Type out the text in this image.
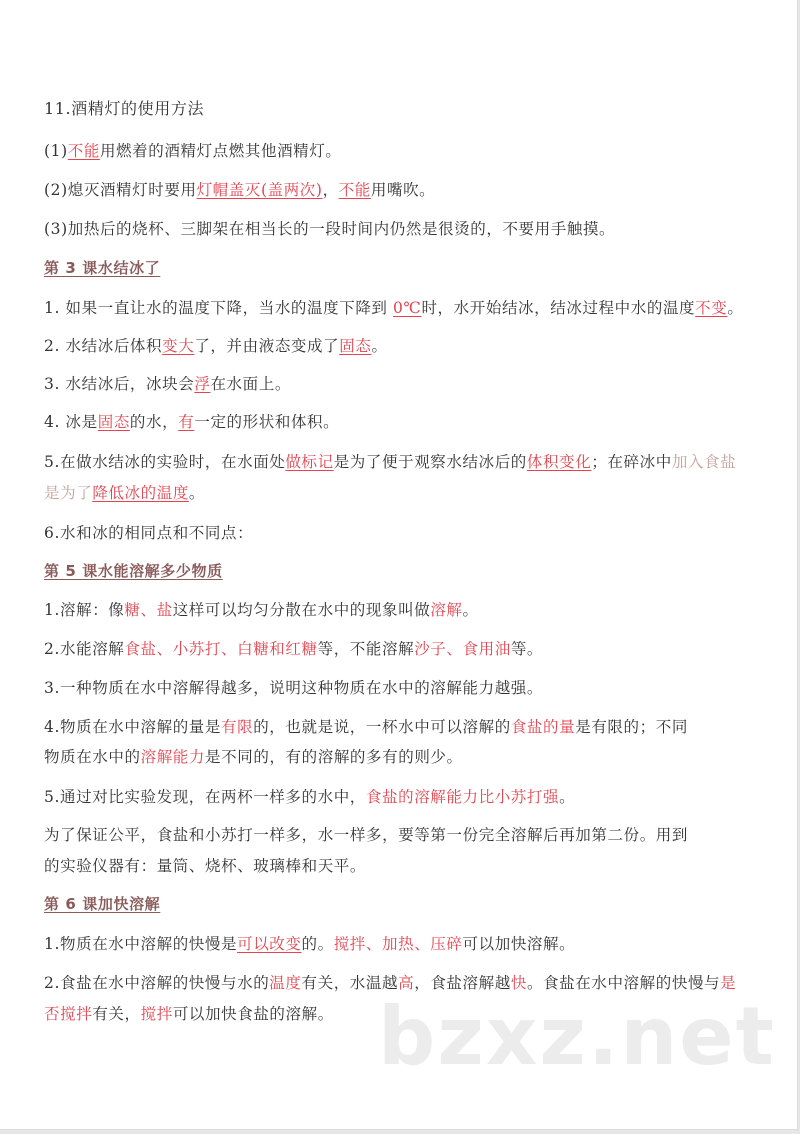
11.酒精灯的使用方法
(1)不能用燃着的酒精灯点燃其他酒精灯。
(2)熄灭酒精灯时要用灯帽盖灭(盖两次)，不能用嘴吹。
(3)加热后的烧杯、三脚架在相当长的一段时间内仍然是很烫的，不要用手触摸。
第 3 课水结冰了
1. 如果一直让水的温度下降，当水的温度下降到 0℃时，水开始结冰，结冰过程中水的温度不变。
2. 水结冰后体积变大了，并由液态变成了固态。
3. 水结冰后，冰块会浮在水面上。
4. 冰是固态的水，有一定的形状和体积。
5.在做水结冰的实验时，在水面处做标记是为了便于观察水结冰后的体积变化；在碎冰中加入食盐
是为了降低冰的温度。
6.水和冰的相同点和不同点：
第 5 课水能溶解多少物质
1.溶解：像糖、盐这样可以均匀分散在水中的现象叫做溶解。
2.水能溶解食盐、小苏打、白糖和红糖等，不能溶解沙子、食用油等。
3.一种物质在水中溶解得越多，说明这种物质在水中的溶解能力越强。
4.物质在水中溶解的量是有限的，也就是说，一杯水中可以溶解的食盐的量是有限的；不同
物质在水中的溶解能力是不同的，有的溶解的多有的则少。
5.通过对比实验发现，在两杯一样多的水中，食盐的溶解能力比小苏打强。
为了保证公平，食盐和小苏打一样多，水一样多，要等第一份完全溶解后再加第二份。用到
的实验仪器有：量筒、烧杯、玻璃棒和天平。
第 6 课加快溶解
1.物质在水中溶解的快慢是可以改变的。搅拌、加热、压碎可以加快溶解。
2.食盐在水中溶解的快慢与水的温度有关，水温越高，食盐溶解越快。食盐在水中溶解的快慢与是
否搅拌有关，搅拌可以加快食盐的溶解。 bzxz.net
